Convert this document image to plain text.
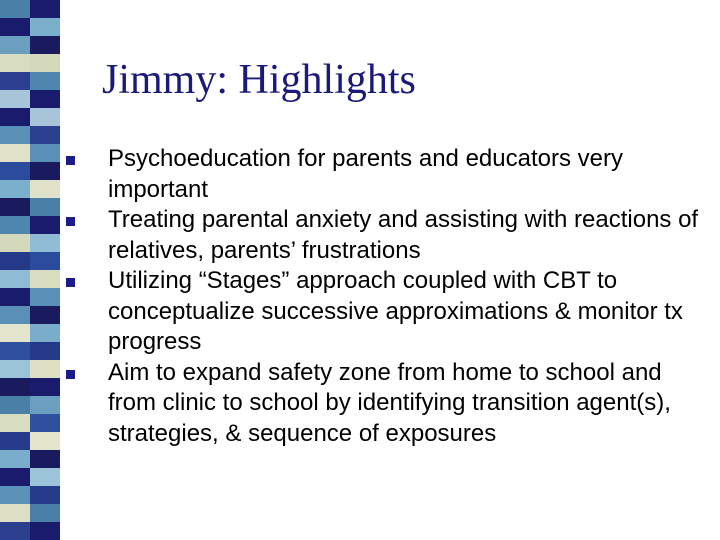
Jimmy: Highlights
Psychoeducation for parents and educators very important
Treating parental anxiety and assisting with reactions of relatives, parents’ frustrations
Utilizing “Stages” approach coupled with CBT to conceptualize successive approximations & monitor tx progress
Aim to expand safety zone from home to school and from clinic to school by identifying transition agent(s), strategies, & sequence of exposures
